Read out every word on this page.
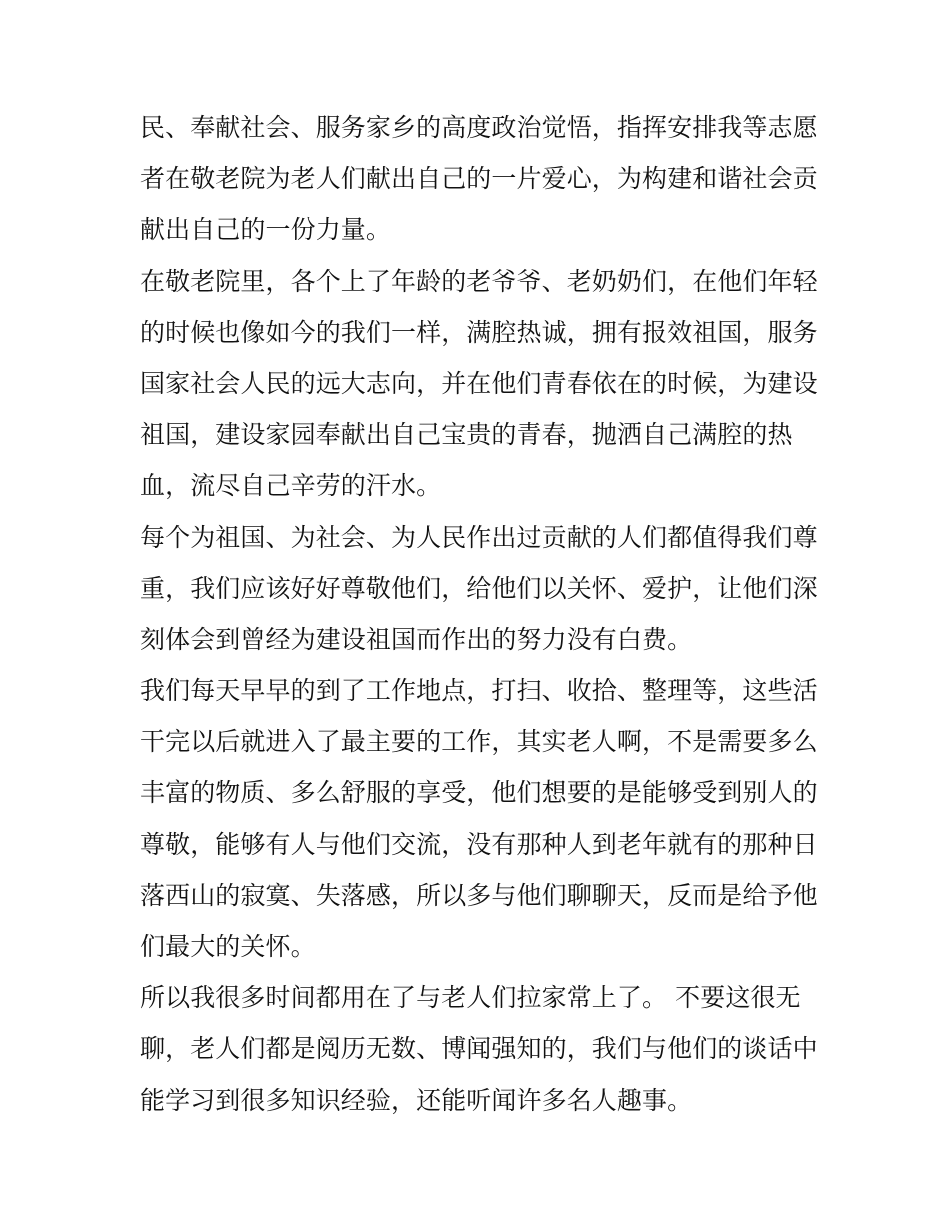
民、奉献社会、服务家乡的高度政治觉悟，指挥安排我等志愿
者在敬老院为老人们献出自己的一片爱心，为构建和谐社会贡
献出自己的一份力量。
在敬老院里，各个上了年龄的老爷爷、老奶奶们，在他们年轻
的时候也像如今的我们一样，满腔热诚，拥有报效祖国，服务
国家社会人民的远大志向，并在他们青春依在的时候，为建设
祖国，建设家园奉献出自己宝贵的青春，抛洒自己满腔的热
血，流尽自己辛劳的汗水。
每个为祖国、为社会、为人民作出过贡献的人们都值得我们尊
重，我们应该好好尊敬他们，给他们以关怀、爱护，让他们深
刻体会到曾经为建设祖国而作出的努力没有白费。
我们每天早早的到了工作地点，打扫、收拾、整理等，这些活
干完以后就进入了最主要的工作，其实老人啊，不是需要多么
丰富的物质、多么舒服的享受，他们想要的是能够受到别人的
尊敬，能够有人与他们交流，没有那种人到老年就有的那种日
落西山的寂寞、失落感，所以多与他们聊聊天，反而是给予他
们最大的关怀。
所以我很多时间都用在了与老人们拉家常上了。 不要这很无
聊，老人们都是阅历无数、博闻强知的，我们与他们的谈话中
能学习到很多知识经验，还能听闻许多名人趣事。
